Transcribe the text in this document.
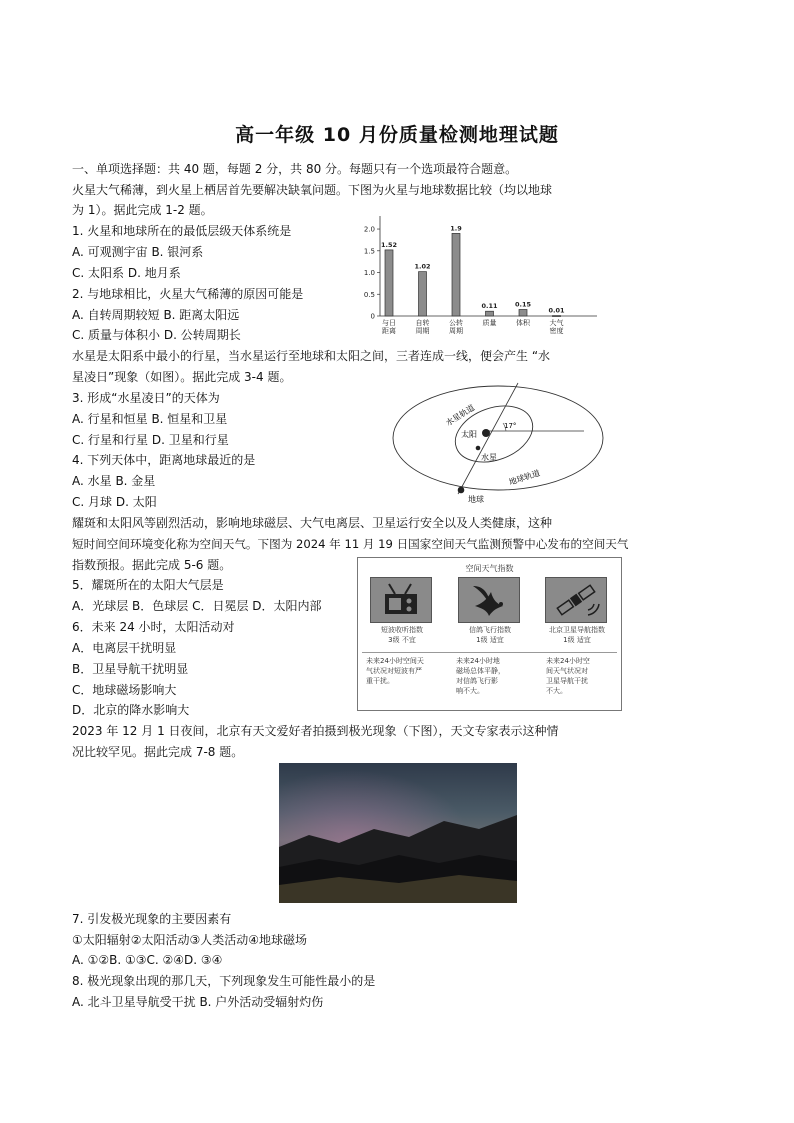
高一年级 10 月份质量检测地理试题
一、单项选择题：共 40 题，每题 2 分，共 80 分。每题只有一个选项最符合题意。
火星大气稀薄，到火星上栖居首先要解决缺氧问题。下图为火星与地球数据比较（均以地球
为 1）。据此完成 1-2 题。
1. 火星和地球所在的最低层级天体系统是
A. 可观测宇宙 B. 银河系
C. 太阳系 D. 地月系
2. 与地球相比，火星大气稀薄的原因可能是
A. 自转周期较短 B. 距离太阳远
C. 质量与体积小 D. 公转周期长
水星是太阳系中最小的行星，当水星运行至地球和太阳之间，三者连成一线，便会产生 “水
星凌日”现象（如图）。据此完成 3-4 题。
3. 形成“水星凌日”的天体为
A. 行星和恒星 B. 恒星和卫星
C. 行星和行星 D. 卫星和行星
4. 下列天体中，距离地球最近的是
A. 水星 B. 金星
C. 月球 D. 太阳
耀斑和太阳风等剧烈活动，影响地球磁层、大气电离层、卫星运行安全以及人类健康，这种
短时间空间环境变化称为空间天气。下图为 2024 年 11 月 19 日国家空间天气监测预警中心发布的空间天气
指数预报。据此完成 5-6 题。
5．耀斑所在的太阳大气层是
A．光球层 B．色球层 C．日冕层 D．太阳内部
6．未来 24 小时，太阳活动对
A．电离层干扰明显
B．卫星导航干扰明显
C．地球磁场影响大
D．北京的降水影响大
2023 年 12 月 1 日夜间，北京有天文爱好者拍摄到极光现象（下图），天文专家表示这种情
况比较罕见。据此完成 7-8 题。
7. 引发极光现象的主要因素有
①太阳辐射②太阳活动③人类活动④地球磁场
A. ①②B. ①③C. ②④D. ③④
8. 极光现象出现的那几天，下列现象发生可能性最小的是
A. 北斗卫星导航受干扰 B. 户外活动受辐射灼伤
2.0
1.5
1.0
0.5
0
1.52
与日
距离
1.02
自转
周期
1.9
公转
周期
0.11
质量
0.15
体积
0.01
大气
密度
太阳
水星
地球
17°
水星轨道
地球轨道
空间天气指数
短波收听指数
3级 不宜
信鸽飞行指数
1级 适宜
北京卫星导航指数
1级 适宜
未来24小时空间天
气状况对短波有严
重干扰。
未来24小时地
磁场总体平静，
对信鸽飞行影
响不大。
未来24小时空
间天气状况对
卫星导航干扰
不大。
